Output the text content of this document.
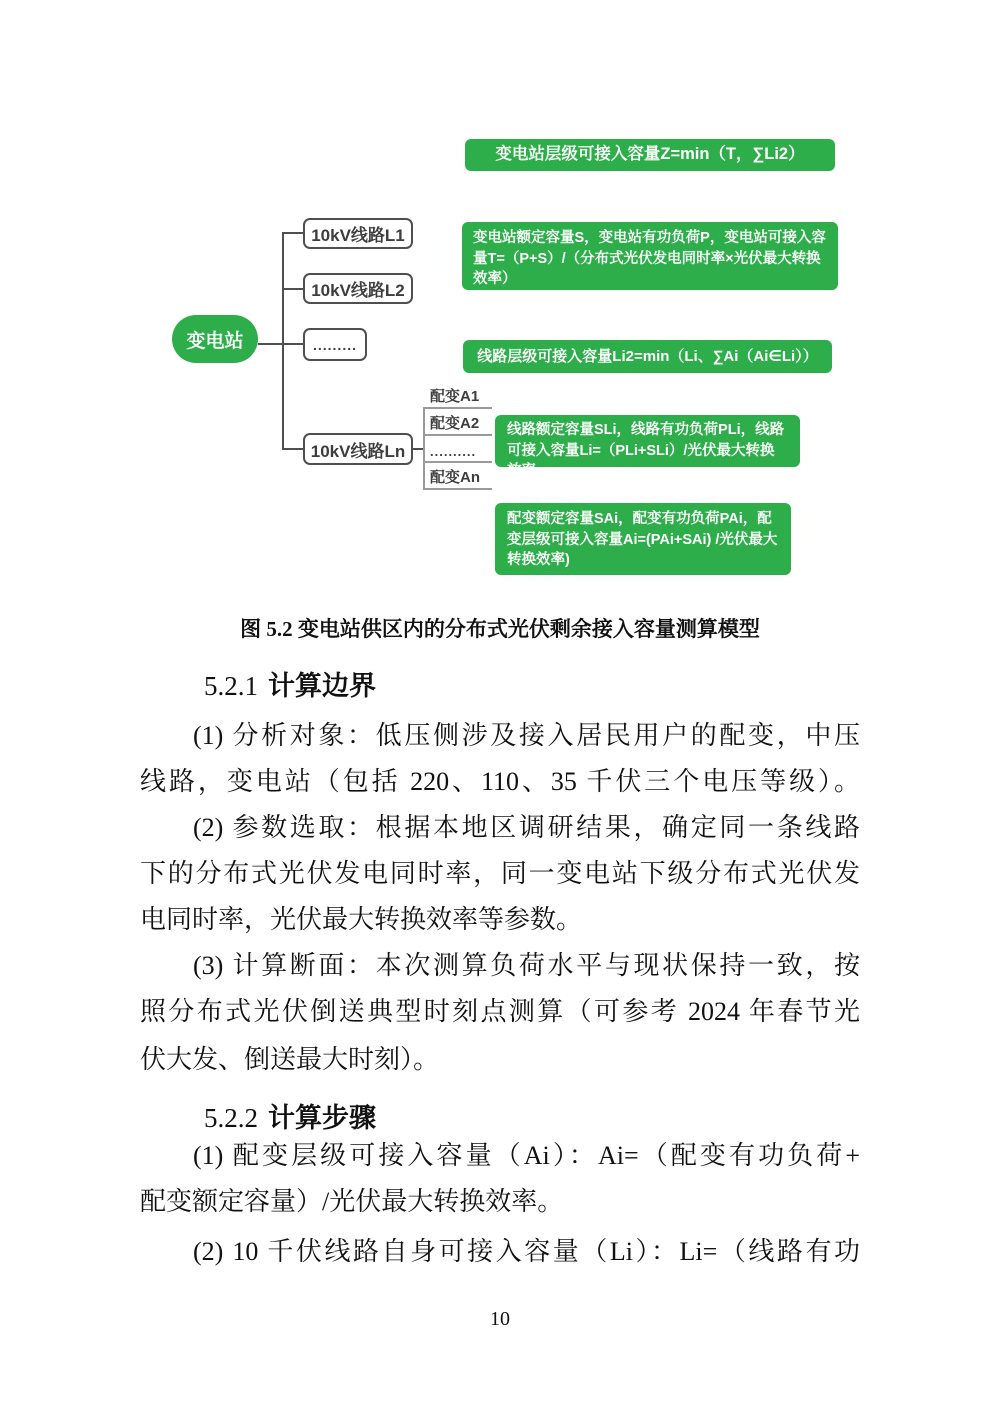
变电站
10kV线路L1
10kV线路L2
.........
10kV线路Ln
配变A1
配变A2
..........
配变An
变电站层级可接入容量Z=min（T，∑Li2）
变电站额定容量S，变电站有功负荷P，变电站可接入容量T=（P+S）/（分布式光伏发电同时率×光伏最大转换效率）
线路层级可接入容量Li2=min（Li、∑Ai（Ai∈Li））
线路额定容量SLi，线路有功负荷PLi，线路可接入容量Li=（PLi+SLi）/光伏最大转换效率
配变额定容量SAi，配变有功负荷PAi，配变层级可接入容量Ai=(PAi+SAi) /光伏最大转换效率)
图 5.2 变电站供区内的分布式光伏剩余接入容量测算模型
5.2.1 计算边界
(1) 分析对象：低压侧涉及接入居民用户的配变，中压
线路，变电站（包括 220、110、35 千伏三个电压等级）。
(2) 参数选取：根据本地区调研结果，确定同一条线路
下的分布式光伏发电同时率，同一变电站下级分布式光伏发
电同时率，光伏最大转换效率等参数。
(3) 计算断面：本次测算负荷水平与现状保持一致，按
照分布式光伏倒送典型时刻点测算（可参考 2024 年春节光
伏大发、倒送最大时刻）。
5.2.2 计算步骤
(1) 配变层级可接入容量（Ai）：Ai=（配变有功负荷+
配变额定容量）/光伏最大转换效率。
(2) 10 千伏线路自身可接入容量（Li）：Li=（线路有功
10
